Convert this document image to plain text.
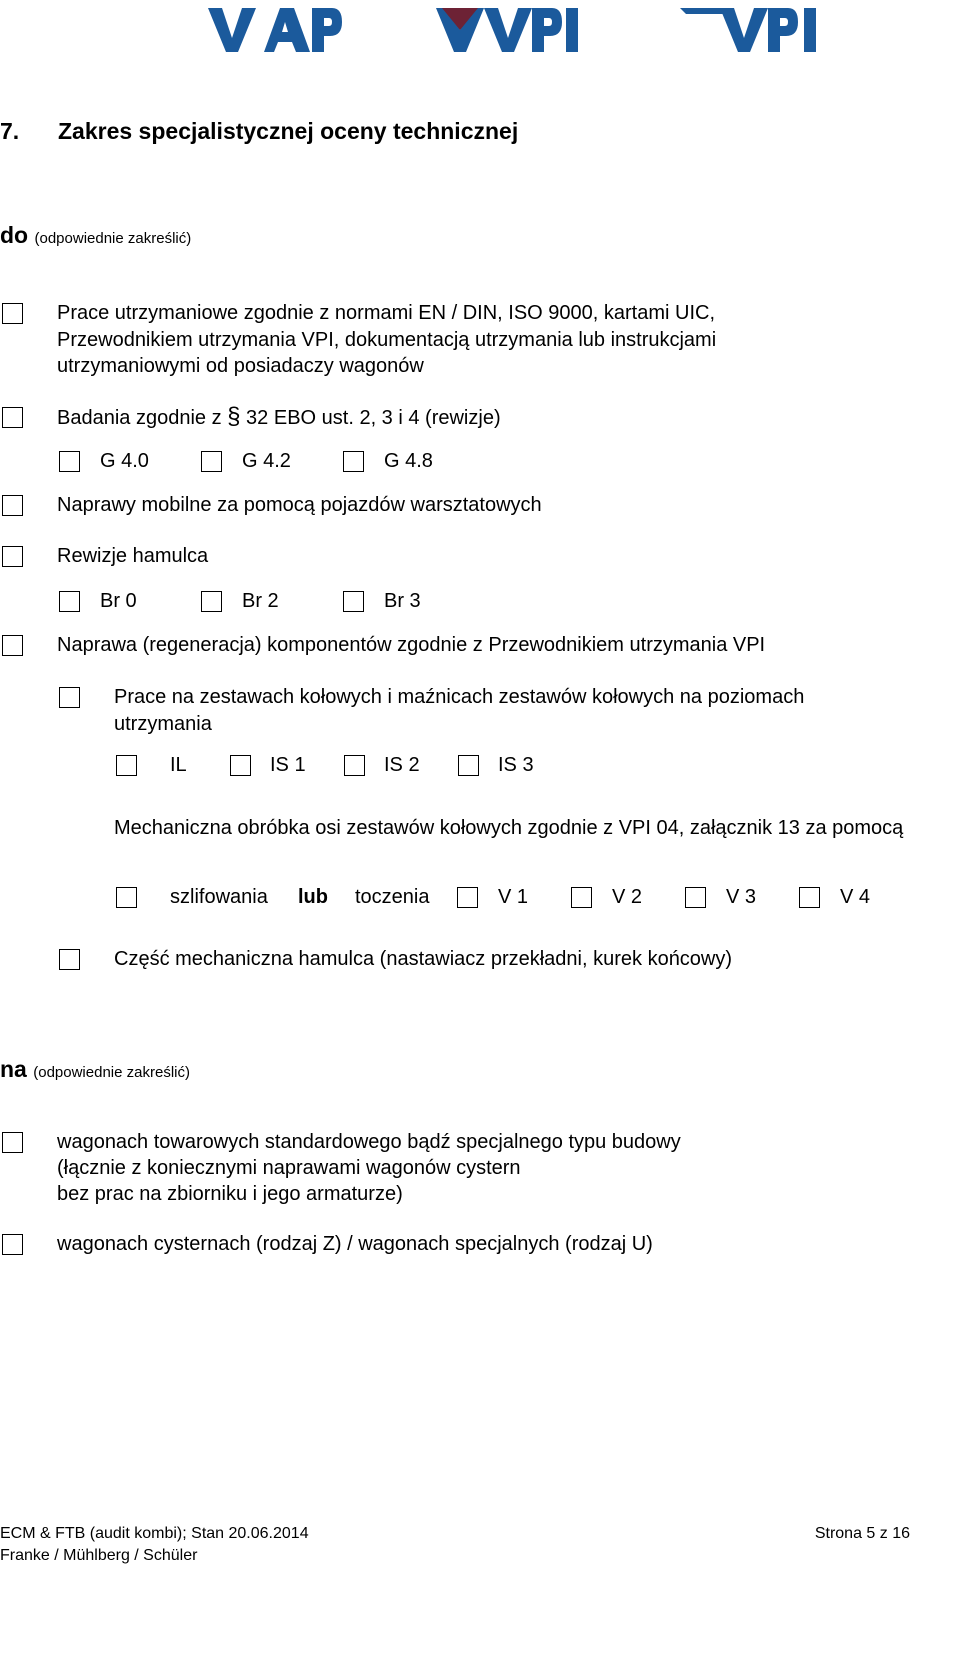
7. Zakres specjalistycznej oceny technicznej
do (odpowiednie zakreślić)
Prace utrzymaniowe zgodnie z normami EN / DIN, ISO 9000, kartami UIC, Przewodnikiem utrzymania VPI, dokumentacją utrzymania lub instrukcjami utrzymaniowymi od posiadaczy wagonów
Badania zgodnie z § 32 EBO ust. 2, 3 i 4 (rewizje)
G 4.0	G 4.2	G 4.8
Naprawy mobilne za pomocą pojazdów warsztatowych
Rewizje hamulca
Br 0	Br 2	Br 3
Naprawa (regeneracja) komponentów zgodnie z Przewodnikiem utrzymania VPI
Prace na zestawach kołowych i maźnicach zestawów kołowych na poziomach utrzymania
IL	IS 1	IS 2	IS 3
Mechaniczna obróbka osi zestawów kołowych zgodnie z VPI 04, załącznik 13 za pomocą
szlifowania lub toczenia	V 1	V 2	V 3	V 4
Część mechaniczna hamulca (nastawiacz przekładni, kurek końcowy)
na (odpowiednie zakreślić)
wagonach towarowych standardowego bądź specjalnego typu budowy
(łącznie z koniecznymi naprawami wagonów cystern
bez prac na zbiorniku i jego armaturze)
wagonach cysternach (rodzaj Z) / wagonach specjalnych (rodzaj U)
ECM & FTB (audit kombi); Stan 20.06.2014
Franke / Mühlberg / Schüler
Strona 5 z 16
